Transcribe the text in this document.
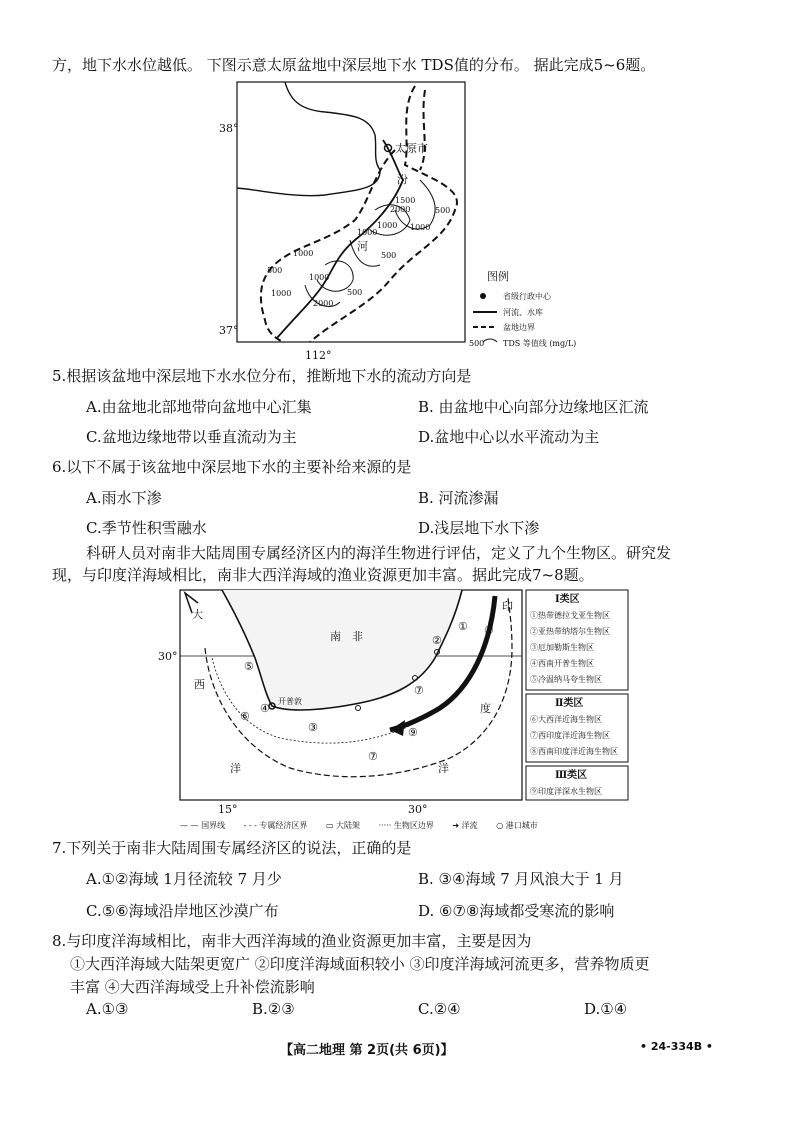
方，地下水水位越低。 下图示意太原盆地中深层地下水 TDS值的分布。 据此完成5~6题。
38°
37°
112°
太原市
汾
河
500
1000
1500
2000
1000
1000
500
1000
1000
500
1000
2000
500
图例
省级行政中心
河流、水库
盆地边界
500 TDS 等值线 (mg/L)
5.根据该盆地中深层地下水水位分布，推断地下水的流动方向是
A.由盆地北部地带向盆地中心汇集	B. 由盆地中心向部分边缘地区汇流
C.盆地边缘地带以垂直流动为主	D.盆地中心以水平流动为主
6.以下不属于该盆地中深层地下水的主要补给来源的是
A.雨水下渗	B. 河流渗漏
C.季节性积雪融水	D.浅层地下水下渗
科研人员对南非大陆周围专属经济区内的海洋生物进行评估，定义了九个生物区。研究发
现，与印度洋海域相比，南非大西洋海域的渔业资源更加丰富。据此完成7~8题。
30°
15°	30°
开普敦
大
西
洋
印
度
洋
南　非
①
②
③
④
⑤
⑥
⑦
⑦
⑧
⑨
Ⅰ类区
①热带德拉戈亚生物区
②亚热带纳塔尔生物区
③厄加勒斯生物区
④西南开普生物区
⑤冷温纳马夸生物区
Ⅱ类区
⑥大西洋近海生物区
⑦西印度洋近海生物区
⑧西南印度洋近海生物区
Ⅲ类区
⑨印度洋深水生物区
— — 国界线 - - - 专属经济区界 ▭ 大陆架 ····· 生物区边界 ➜ 洋流 ○ 港口城市
7.下列关于南非大陆周围专属经济区的说法，正确的是
A.①②海域 1月径流较 7 月少	B. ③④海域 7 月风浪大于 1 月
C.⑤⑥海域沿岸地区沙漠广布	D. ⑥⑦⑧海域都受寒流的影响
8.与印度洋海域相比，南非大西洋海域的渔业资源更加丰富，主要是因为
①大西洋海域大陆架更宽广 ②印度洋海域面积较小 ③印度洋海域河流更多，营养物质更
丰富 ④大西洋海域受上升补偿流影响
A.①③	B.②③	C.②④	D.①④
【高二地理 第 2页(共 6页)】	• 24-334B •
